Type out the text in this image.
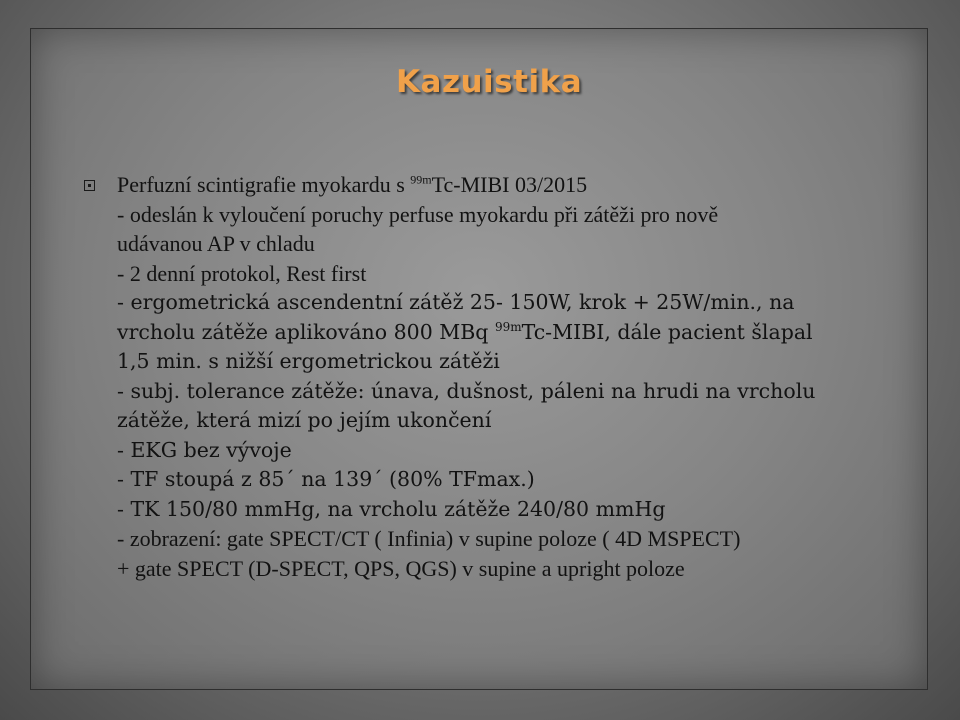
Kazuistika
Perfuzní scintigrafie myokardu s $^{99m}$Tc-MIBI 03/2015
- odeslán k vyloučení poruchy perfuse myokardu při zátěži pro nově
udávanou AP v chladu
- 2 denní protokol, Rest first
- ergometrická ascendentní zátěž 25- 150W, krok + 25W/min., na
vrcholu zátěže aplikováno 800 MBq $^{99m}$Tc-MIBI, dále pacient šlapal
1,5 min. s nižší ergometrickou zátěži
- subj. tolerance zátěže: únava, dušnost, páleni na hrudi na vrcholu
zátěže, která mizí po jejím ukončení
- EKG bez vývoje
- TF stoupá z 85´ na 139´ (80% TFmax.)
- TK 150/80 mmHg, na vrcholu zátěže 240/80 mmHg
- zobrazení: gate SPECT/CT ( Infinia) v supine poloze ( 4D MSPECT)
+ gate SPECT (D-SPECT, QPS, QGS) v supine a upright poloze
